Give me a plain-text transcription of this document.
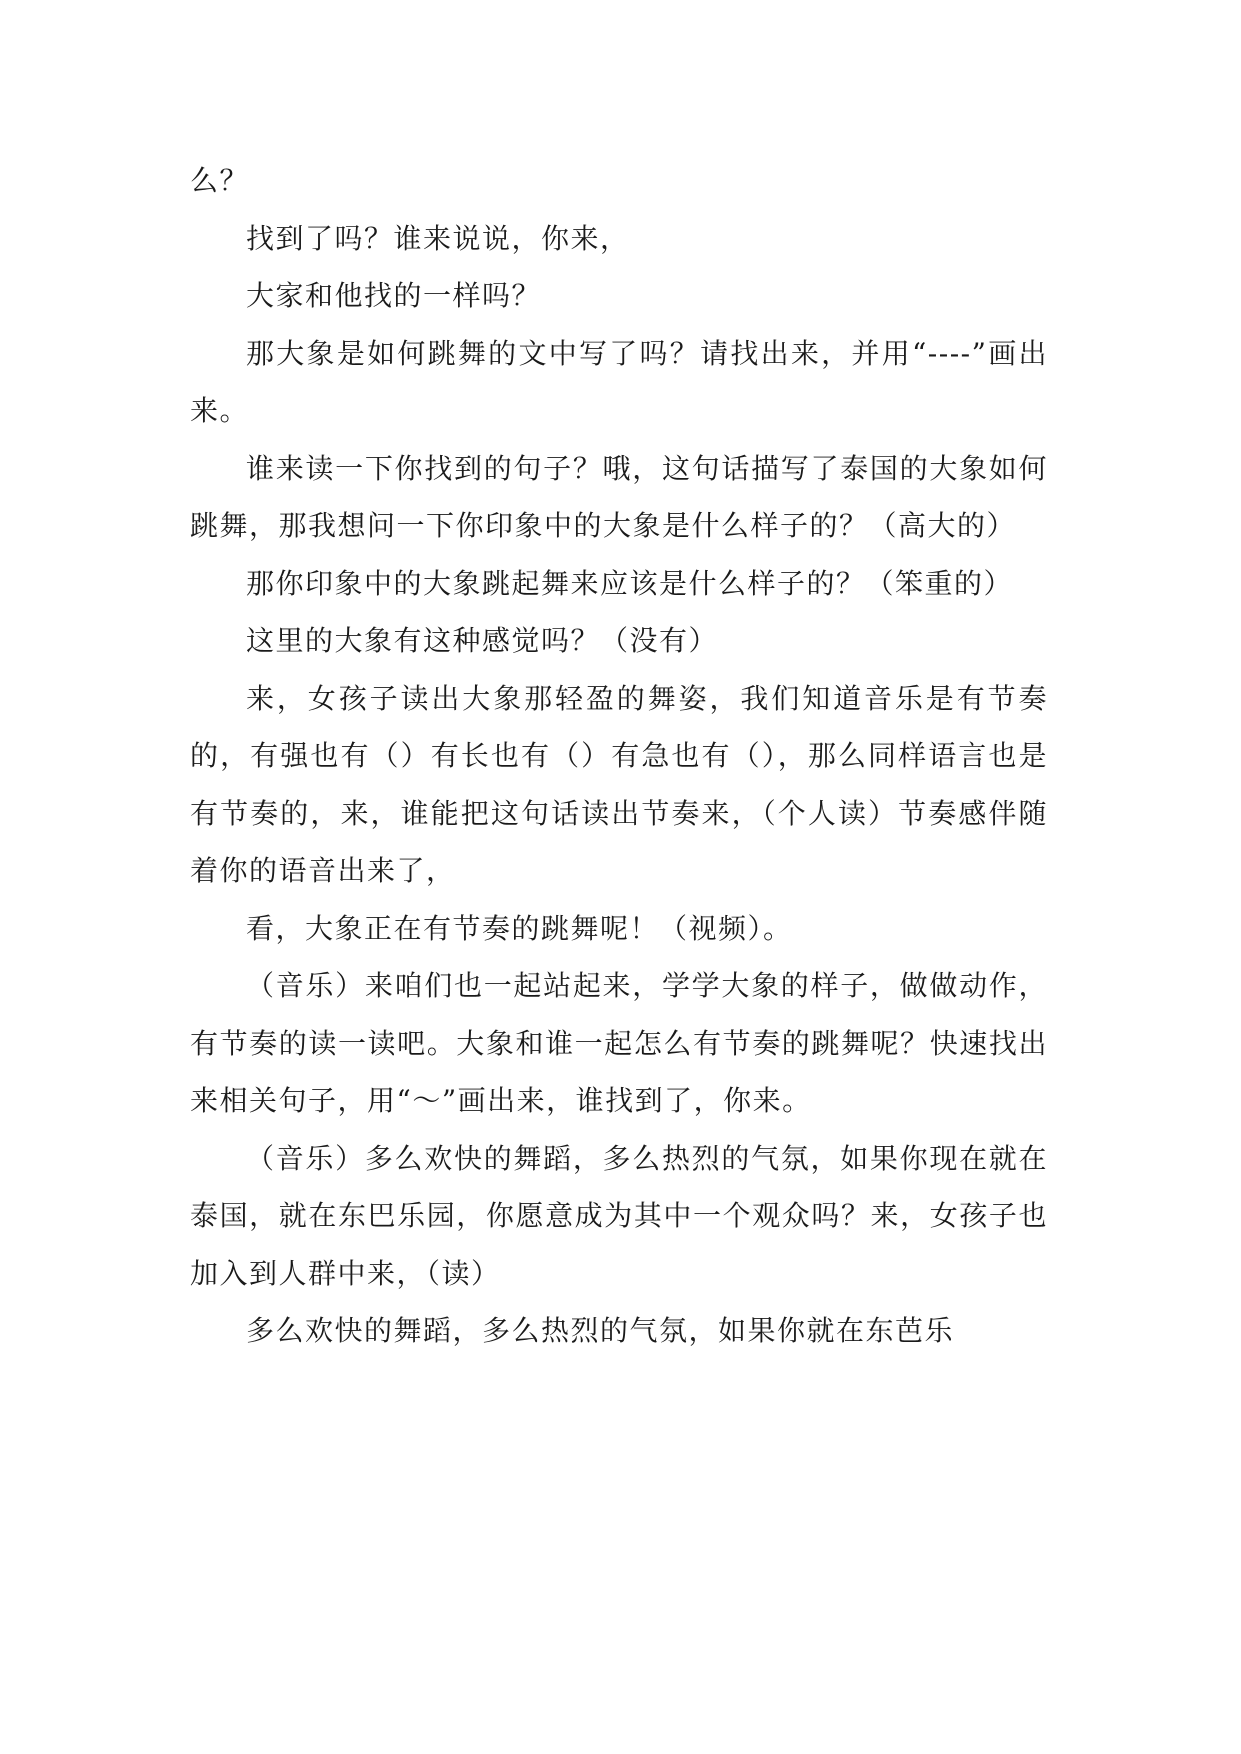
么？

找到了吗？谁来说说，你来，

大家和他找的一样吗？

那大象是如何跳舞的文中写了吗？请找出来，并用“----”画出来。

谁来读一下你找到的句子？哦，这句话描写了泰国的大象如何跳舞，那我想问一下你印象中的大象是什么样子的？（高大的）

那你印象中的大象跳起舞来应该是什么样子的？（笨重的）

这里的大象有这种感觉吗？（没有）

来，女孩子读出大象那轻盈的舞姿，我们知道音乐是有节奏的，有强也有（）有长也有（）有急也有（），那么同样语言也是有节奏的，来，谁能把这句话读出节奏来，（个人读）节奏感伴随着你的语音出来了，

看，大象正在有节奏的跳舞呢！（视频）。

（音乐）来咱们也一起站起来，学学大象的样子，做做动作，有节奏的读一读吧。大象和谁一起怎么有节奏的跳舞呢？快速找出来相关句子，用“～”画出来，谁找到了，你来。

（音乐）多么欢快的舞蹈，多么热烈的气氛，如果你现在就在泰国，就在东巴乐园，你愿意成为其中一个观众吗？来，女孩子也加入到人群中来，（读）

多么欢快的舞蹈，多么热烈的气氛，如果你就在东芭乐
